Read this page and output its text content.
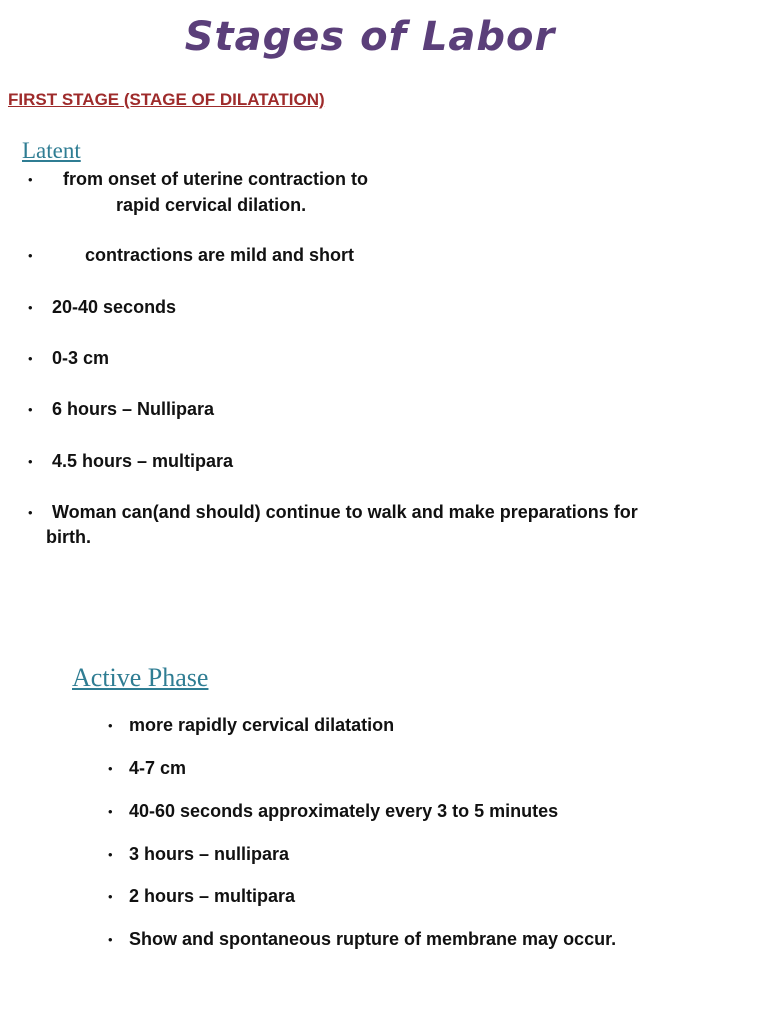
Stages of Labor
FIRST STAGE (STAGE OF DILATATION)
Latent
• from onset of uterine contraction to
rapid cervical dilation.
•	contractions are mild and short
• 20-40 seconds
• 0-3 cm
• 6 hours – Nullipara
• 4.5 hours – multipara
• Woman can(and should) continue to walk and make preparations for
birth.
Active Phase
• more rapidly cervical dilatation
• 4-7 cm
• 40-60 seconds approximately every 3 to 5 minutes
• 3 hours – nullipara
• 2 hours – multipara
• Show and spontaneous rupture of membrane may occur.
